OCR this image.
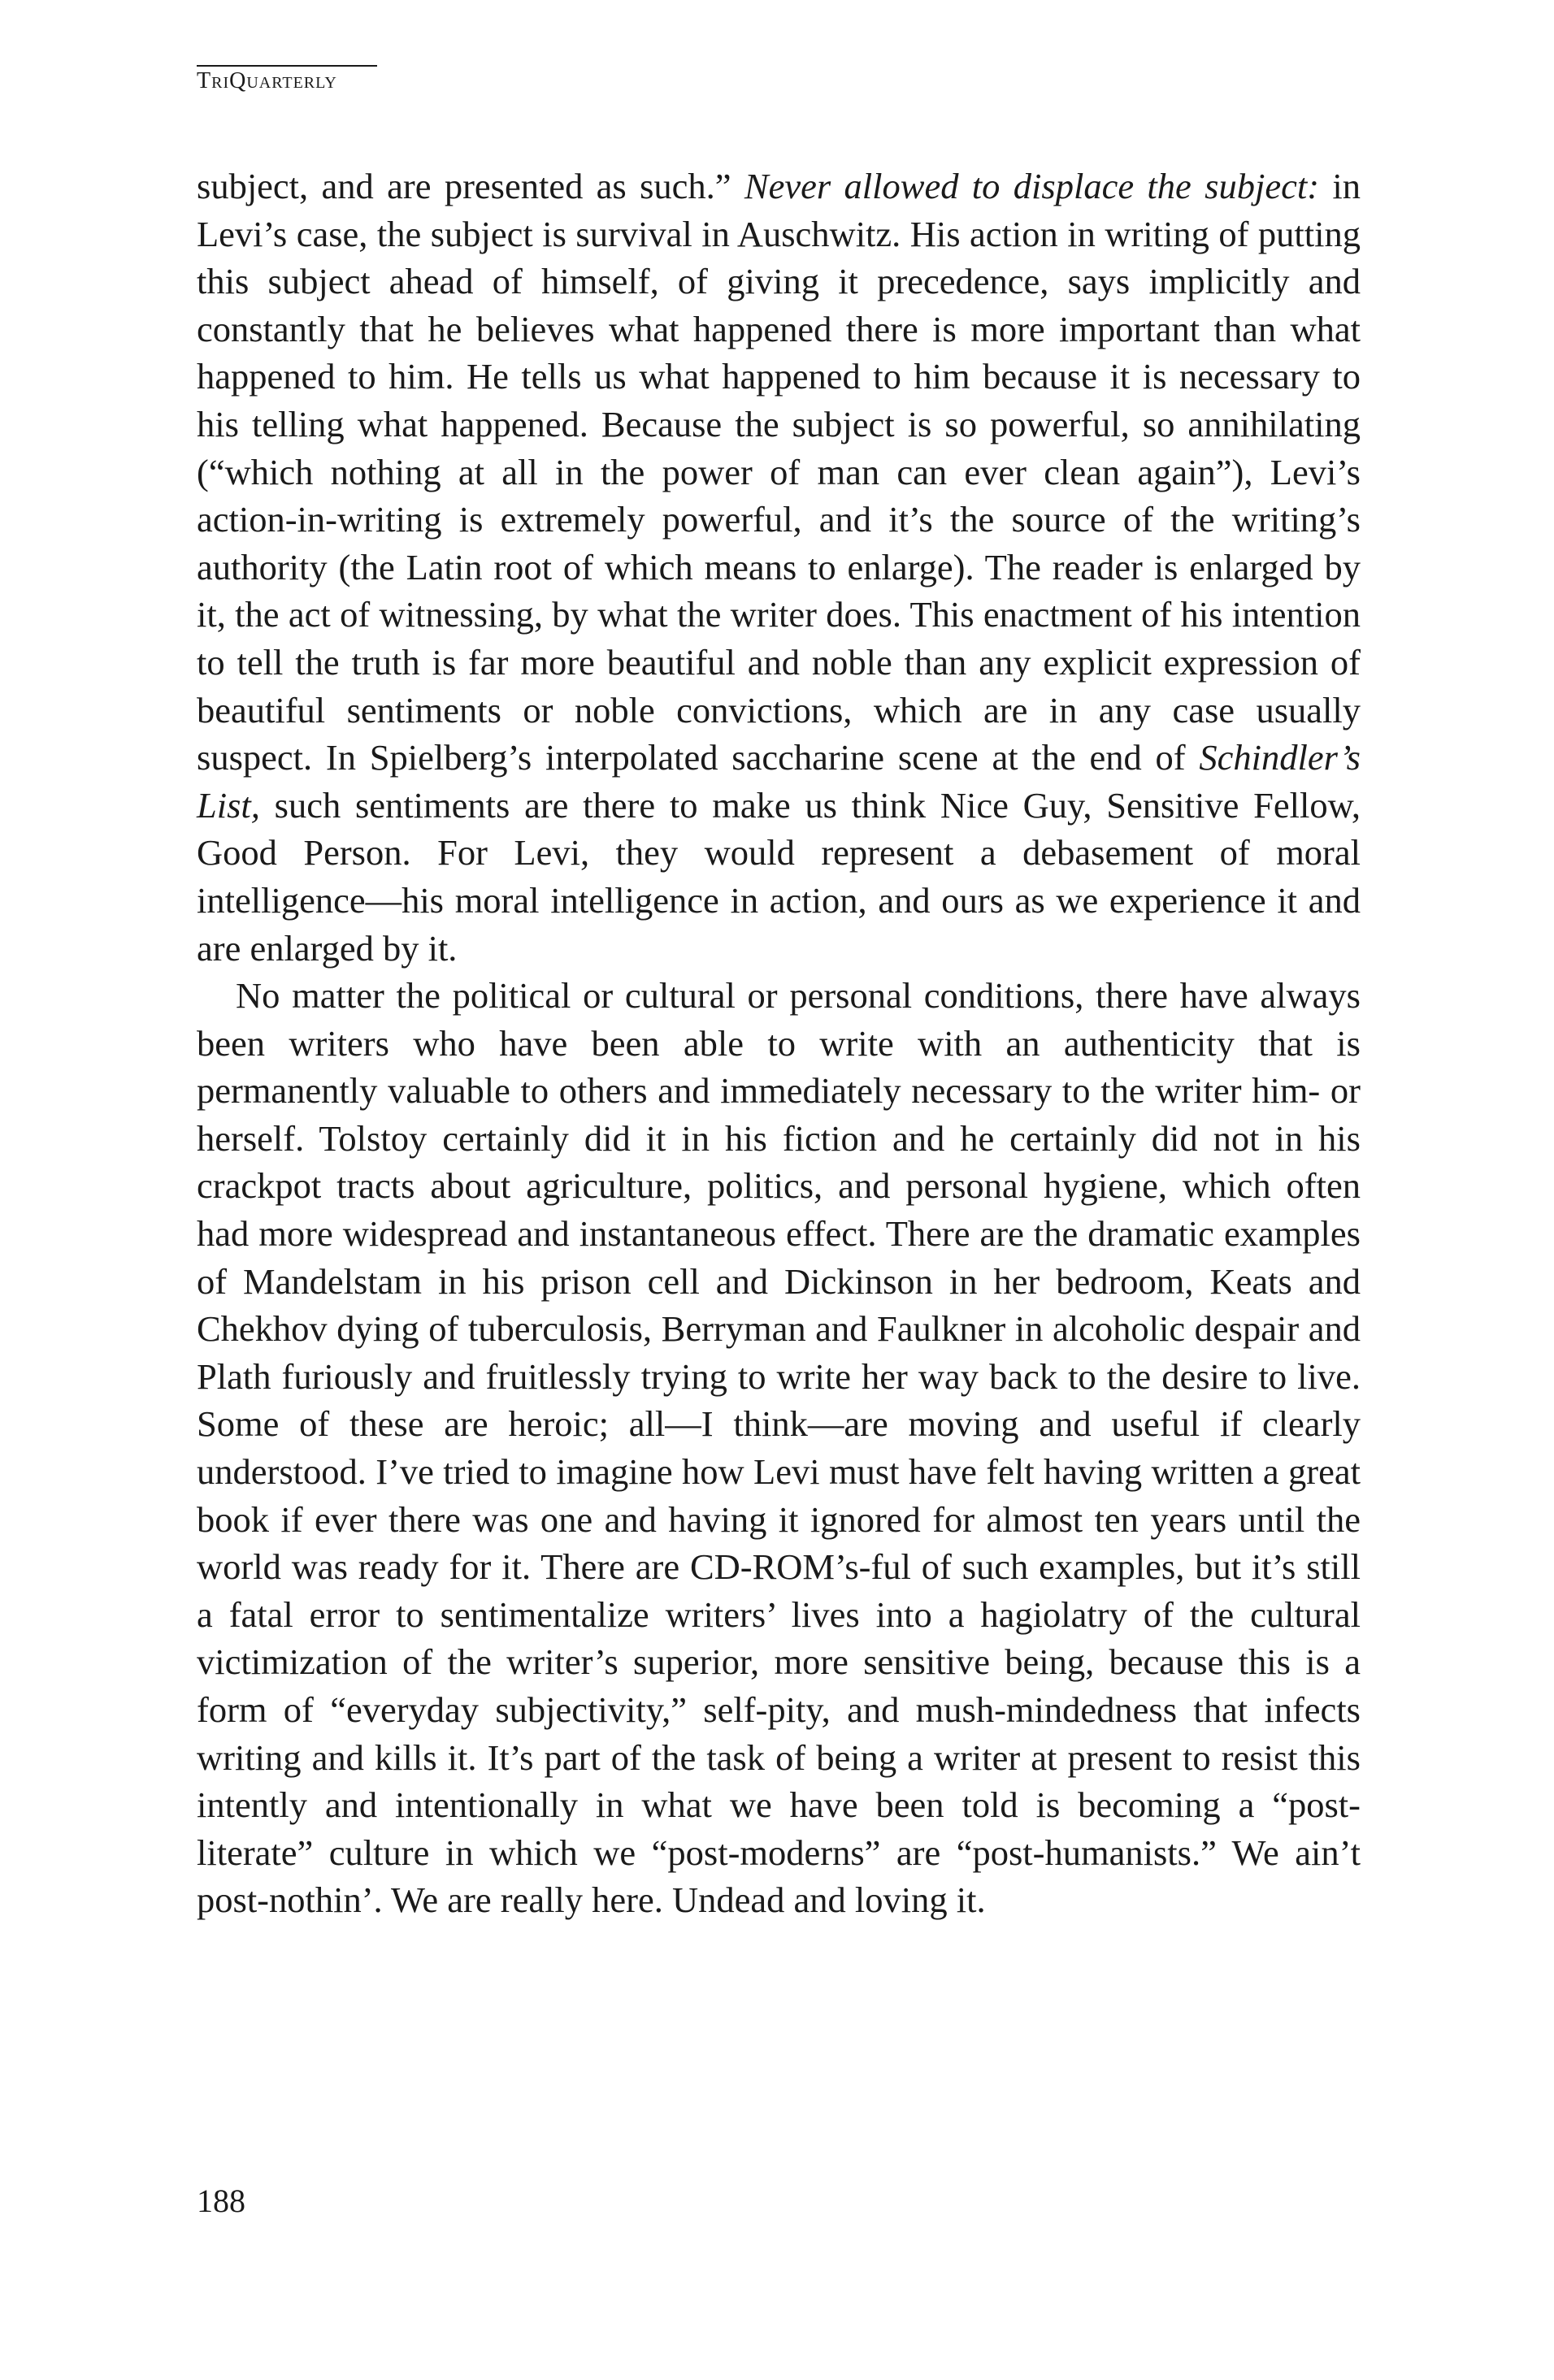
TriQuarterly

subject, and are presented as such.” Never allowed to displace the subject: in Levi’s case, the subject is survival in Auschwitz. His action in writing of putting this subject ahead of himself, of giving it precedence, says implicitly and constantly that he believes what happened there is more important than what happened to him. He tells us what happened to him because it is necessary to his telling what happened. Because the subject is so powerful, so annihilating (“which nothing at all in the power of man can ever clean again”), Levi’s action-in-writing is extremely powerful, and it’s the source of the writing’s authority (the Latin root of which means to enlarge). The reader is enlarged by it, the act of witnessing, by what the writer does. This enactment of his intention to tell the truth is far more beautiful and noble than any explicit expression of beautiful sentiments or noble convictions, which are in any case usually suspect. In Spielberg’s interpolated saccharine scene at the end of Schindler’s List, such sentiments are there to make us think Nice Guy, Sensitive Fellow, Good Person. For Levi, they would represent a debasement of moral intelligence—his moral intelligence in action, and ours as we experience it and are enlarged by it.

No matter the political or cultural or personal conditions, there have always been writers who have been able to write with an authenticity that is permanently valuable to others and immediately necessary to the writer him- or herself. Tolstoy certainly did it in his fiction and he certainly did not in his crackpot tracts about agriculture, politics, and personal hygiene, which often had more widespread and instantaneous effect. There are the dramatic examples of Mandelstam in his prison cell and Dickinson in her bedroom, Keats and Chekhov dying of tuberculosis, Berryman and Faulkner in alcoholic despair and Plath furiously and fruitlessly trying to write her way back to the desire to live. Some of these are heroic; all—I think—are moving and useful if clearly understood. I’ve tried to imagine how Levi must have felt having written a great book if ever there was one and having it ignored for almost ten years until the world was ready for it. There are CD-ROM’s-ful of such examples, but it’s still a fatal error to sentimentalize writers’ lives into a hagiolatry of the cultural victimization of the writer’s superior, more sensitive being, because this is a form of “everyday subjectivity,” self-pity, and mush-mindedness that infects writing and kills it. It’s part of the task of being a writer at present to resist this intently and intentionally in what we have been told is becoming a “post-literate” culture in which we “post-moderns” are “post-humanists.” We ain’t post-nothin’. We are really here. Undead and loving it.

188
